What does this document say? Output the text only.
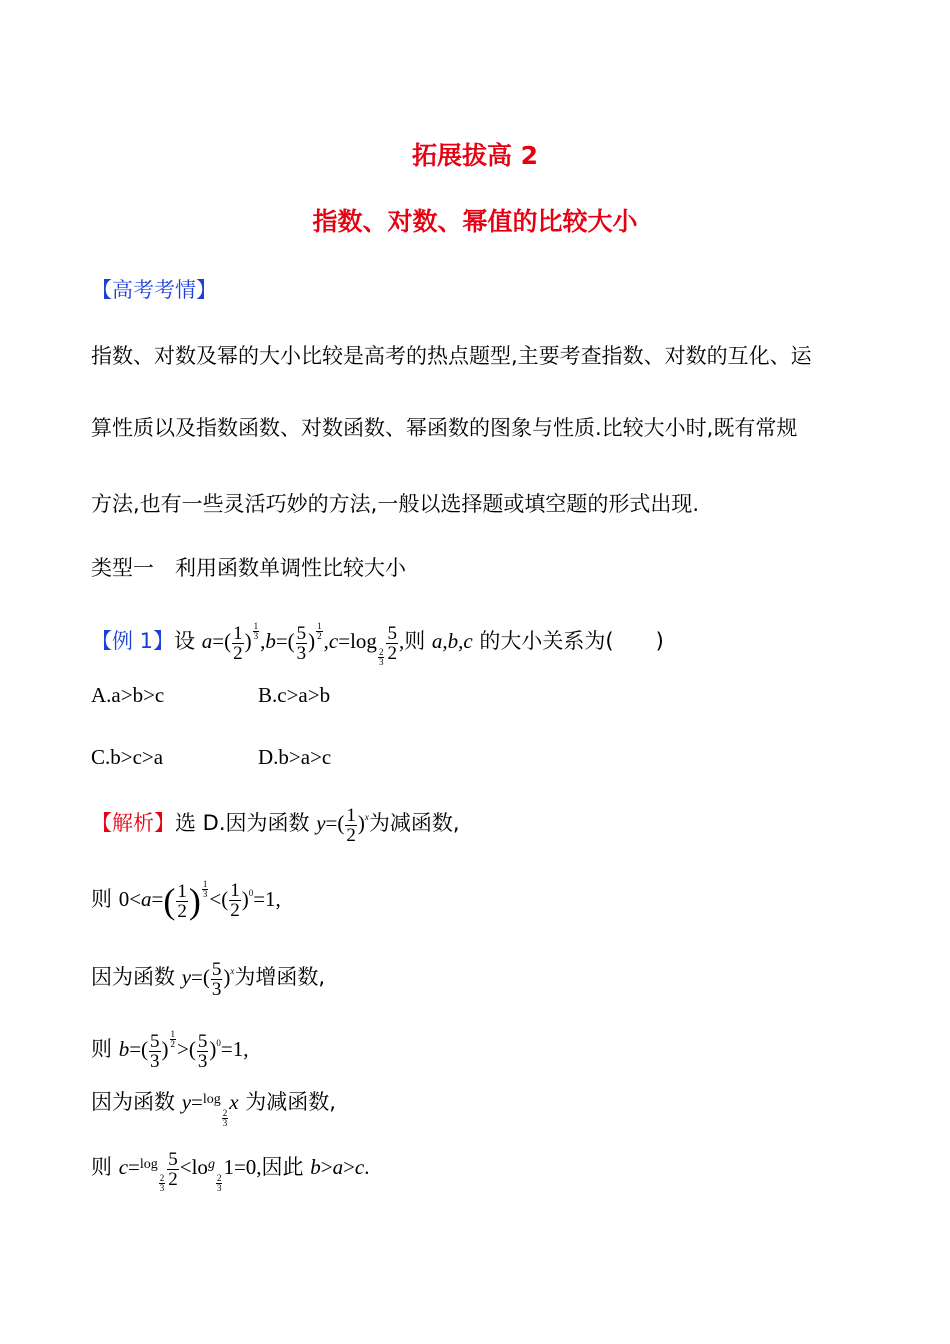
拓展拔高 2
指数、对数、幂值的比较大小
【高考考情】
指数、对数及幂的大小比较是高考的热点题型,主要考查指数、对数的互化、运
算性质以及指数函数、对数函数、幂函数的图象与性质.比较大小时,既有常规
方法,也有一些灵活巧妙的方法,一般以选择题或填空题的形式出现.
类型一　利用函数单调性比较大小
【例 1】设 $a=( \frac{1}{2}$ ) $\frac{1}{3} ,b=( \frac{5}{3}$ ) $\frac{1}{2} ,c=\log$
$\frac{2}{3} \frac{5}{2}$ ,则 a,b,c 的大小关系为(　　)
A.a>b>c	B.c>a>b
C.b>c>a	D.b>a>c
【解析】选 D.因为函数 $y=( \frac{1}{2} )x$为减函数,
则 $0<a=( \frac{1}{2}$ ) $\frac{1}{3}$ <( $\frac{1}{2} )0=1$,
因为函数 $y=( \frac{5}{3} )x$为增函数,
则 $b=( \frac{5}{3}$ ) $\frac{1}{2}$ >( $\frac{5}{3} )0=1$,
因为函数 y=$^{log}$
$\frac{2}{3}$
x 为减函数,
则 c=$^{log}$
$\frac{2}{3} \frac{5}{2} <lo^g$
$\frac{2}{3}$
1=0,因此 b>a>c.
